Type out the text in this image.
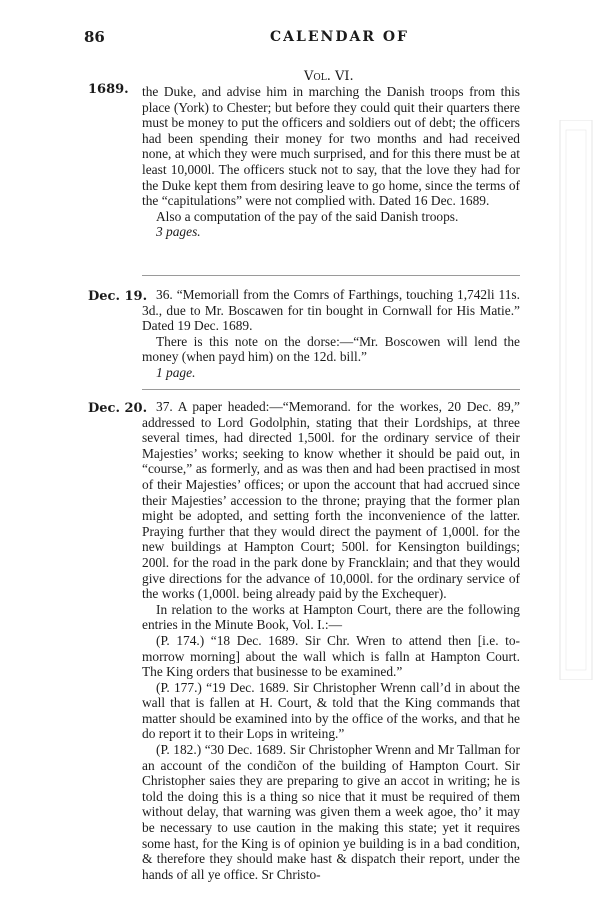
86	CALENDAR OF
Vol. VI.
1689. the Duke, and advise him in marching the Danish troops from this place (York) to Chester; but before they could quit their quarters there must be money to put the officers and soldiers out of debt; the officers had been spending their money for two months and had received none, at which they were much surprised, and for this there must be at least 10,000l. The officers stuck not to say, that the love they had for the Duke kept them from desiring leave to go home, since the terms of the “capitulations” were not complied with. Dated 16 Dec. 1689.

Also a computation of the pay of the said Danish troops.

3 pages.
Dec. 19. 36. “Memoriall from the Comrs of Farthings, touching 1,742li 11s. 3d., due to Mr. Boscawen for tin bought in Cornwall for His Matie.” Dated 19 Dec. 1689.

There is this note on the dorse:—“Mr. Boscowen will lend the money (when payd him) on the 12d. bill.”

1 page.
Dec. 20. 37. A paper headed:—“Memorand. for the workes, 20 Dec. 89,” addressed to Lord Godolphin, stating that their Lordships, at three several times, had directed 1,500l. for the ordinary service of their Majesties’ works; seeking to know whether it should be paid out, in “course,” as formerly, and as was then and had been practised in most of their Majesties’ offices; or upon the account that had accrued since their Majesties’ accession to the throne; praying that the former plan might be adopted, and setting forth the inconvenience of the latter. Praying further that they would direct the payment of 1,000l. for the new buildings at Hampton Court; 500l. for Kensington buildings; 200l. for the road in the park done by Francklain; and that they would give directions for the advance of 10,000l. for the ordinary service of the works (1,000l. being already paid by the Exchequer).

In relation to the works at Hampton Court, there are the following entries in the Minute Book, Vol. I.:—

(P. 174.) “18 Dec. 1689. Sir Chr. Wren to attend then [i.e. to-morrow morning] about the wall which is falln at Hampton Court. The King orders that businesse to be examined.”

(P. 177.) “19 Dec. 1689. Sir Christopher Wrenn call’d in about the wall that is fallen at H. Court, & told that the King commands that matter should be examined into by the office of the works, and that he do report it to their Lops in writeing.”

(P. 182.) “30 Dec. 1689. Sir Christopher Wrenn and Mr Tallman for an account of the condic̃on of the building of Hampton Court. Sir Christopher saies they are preparing to give an accot in writing; he is told the doing this is a thing so nice that it must be required of them without delay, that warning was given them a week agoe, tho’ it may be necessary to use caution in the making this state; yet it requires some hast, for the King is of opinion ye building is in a bad condition, & therefore they should make hast & dispatch their report, under the hands of all ye office. Sr Christo-
